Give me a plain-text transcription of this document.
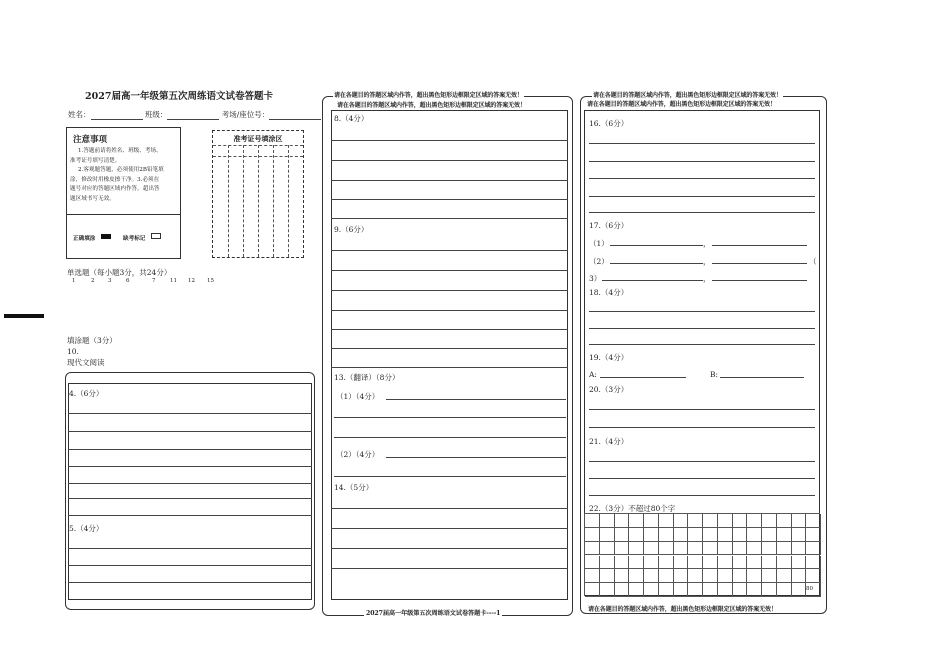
2027届高一年级第五次周练语文试卷答题卡
姓名：	班级：	考场/座位号：
注意事项
1.答题前请将姓名、班级、考场、
准考证号填写清楚。
2.客观题答题，必须使用2B铅笔填
涂，修改时用橡皮擦干净。3.必须在
题号对应的答题区域内作答，超出答
题区域书写无效。
正确填涂	缺考标记
准考证号填涂区
单选题（每小题3分，共24分）
1	2 3	6	7	11 12 15
填涂题（3分）
10.
现代文阅读
4.（6分）
5.（4分）
请在各题目的答题区域内作答，超出黑色矩形边框限定区域的答案无效！
请在各题目的答题区域内作答，超出黑色矩形边框限定区域的答案无效！
8.（4分）
9.（6分）
13.（翻译）（8分）
（1）（4分）
（2）（4分）
14.（5分）
2027届高一年级第五次周练语文试卷答题卡----1
请在各题目的答题区域内作答，超出黑色矩形边框限定区域的答案无效！
请在各题目的答题区域内作答，超出黑色矩形边框限定区域的答案无效！
16.（6分）
17.（6分）
（1）	，
（2）	，	（
3）	，
18.（4分）
19.（4分）
A:	B:
20.（3分）
21.（4分）
22.（3分）不超过80个字
80
请在各题目的答题区域内作答，超出黑色矩形边框限定区域的答案无效！
